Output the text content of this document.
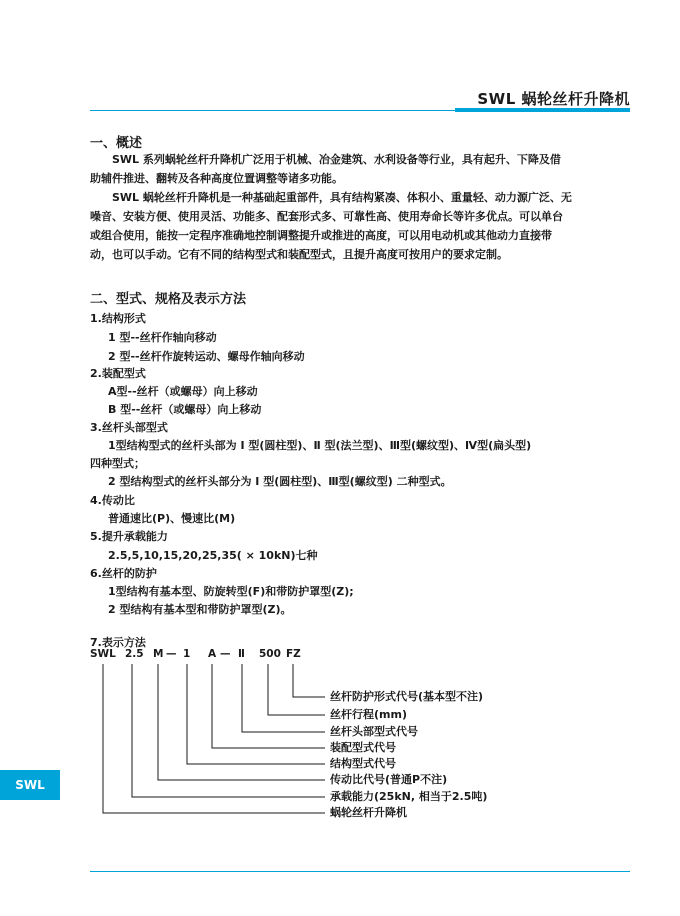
SWL 蜗轮丝杆升降机
一、概述
SWL 系列蜗轮丝杆升降机广泛用于机械、冶金建筑、水利设备等行业，具有起升、下降及借
助辅件推进、翻转及各种高度位置调整等诸多功能。
SWL 蜗轮丝杆升降机是一种基础起重部件，具有结构紧凑、体积小、重量轻、动力源广泛、无
噪音、安装方便、使用灵活、功能多、配套形式多、可靠性高、使用寿命长等许多优点。可以单台
或组合使用，能按一定程序准确地控制调整提升或推进的高度，可以用电动机或其他动力直接带
动，也可以手动。它有不同的结构型式和装配型式，且提升高度可按用户的要求定制。
二、型式、规格及表示方法
1.结构形式
1 型--丝杆作轴向移动
2 型--丝杆作旋转运动、螺母作轴向移动
2.装配型式
A型--丝杆（或螺母）向上移动
B 型--丝杆（或螺母）向上移动
3.丝杆头部型式
1型结构型式的丝杆头部为 Ⅰ 型(圆柱型)、Ⅱ 型(法兰型)、Ⅲ型(螺纹型)、Ⅳ型(扁头型)
四种型式；
2 型结构型式的丝杆头部分为 Ⅰ 型(圆柱型)、Ⅲ型(螺纹型) 二种型式。
4.传动比
普通速比(P)、慢速比(M)
5.提升承载能力
2.5,5,10,15,20,25,35( × 10kN)七种
6.丝杆的防护
1型结构有基本型、防旋转型(F)和带防护罩型(Z);
2 型结构有基本型和带防护罩型(Z)。
7.表示方法
SWL 2.5 M — 1 A — Ⅱ 500 FZ
丝杆防护形式代号(基本型不注)
丝杆行程(mm)
丝杆头部型式代号
装配型式代号
结构型式代号
传动比代号(普通P不注)
承载能力(25kN, 相当于2.5吨)
蜗轮丝杆升降机
SWL
